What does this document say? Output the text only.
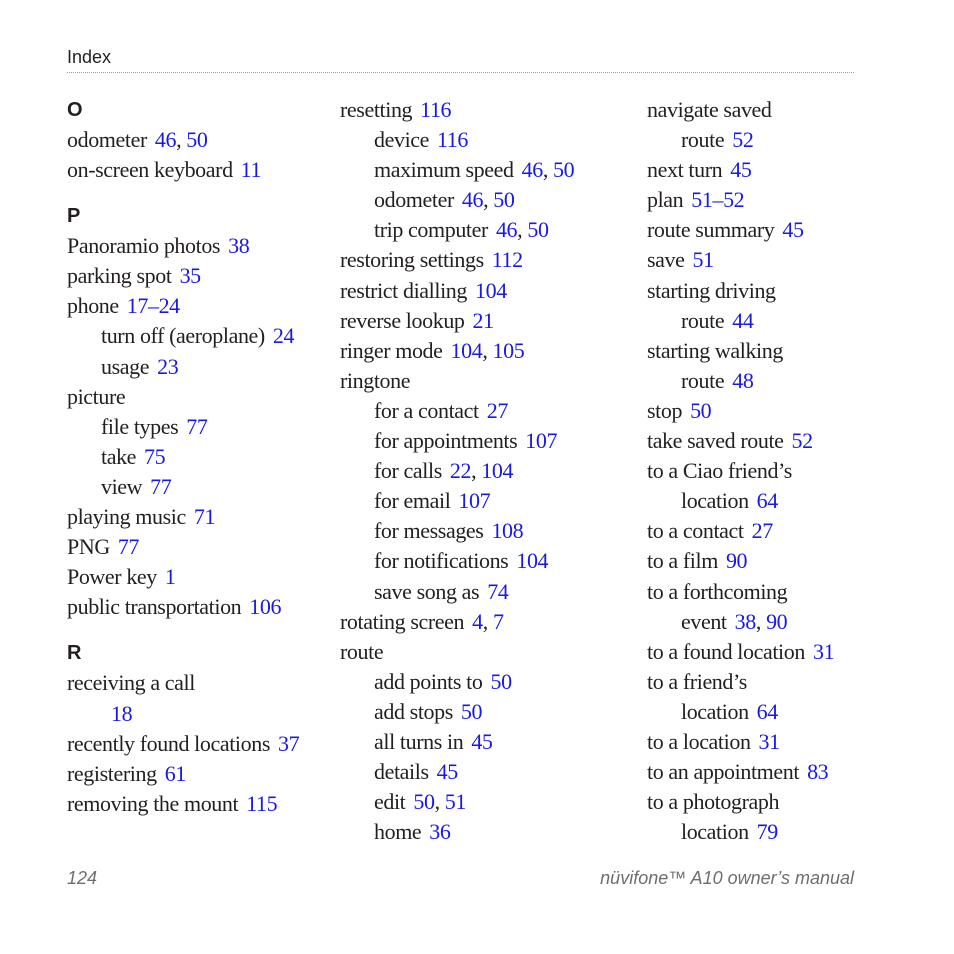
Index
O
odometer 46, 50
on-screen keyboard 11
P
Panoramio photos 38
parking spot 35
phone 17–24
turn off (aeroplane) 24
usage 23
picture
file types 77
take 75
view 77
playing music 71
PNG 77
Power key 1
public transportation 106
R
receiving a call
18
recently found locations 37
registering 61
removing the mount 115
resetting 116
device 116
maximum speed 46, 50
odometer 46, 50
trip computer 46, 50
restoring settings 112
restrict dialling 104
reverse lookup 21
ringer mode 104, 105
ringtone
for a contact 27
for appointments 107
for calls 22, 104
for email 107
for messages 108
for notifications 104
save song as 74
rotating screen 4, 7
route
add points to 50
add stops 50
all turns in 45
details 45
edit 50, 51
home 36
navigate saved
route 52
next turn 45
plan 51–52
route summary 45
save 51
starting driving
route 44
starting walking
route 48
stop 50
take saved route 52
to a Ciao friend’s
location 64
to a contact 27
to a film 90
to a forthcoming
event 38, 90
to a found location 31
to a friend’s
location 64
to a location 31
to an appointment 83
to a photograph
location 79
124	nüvifone™ A10 owner’s manual
